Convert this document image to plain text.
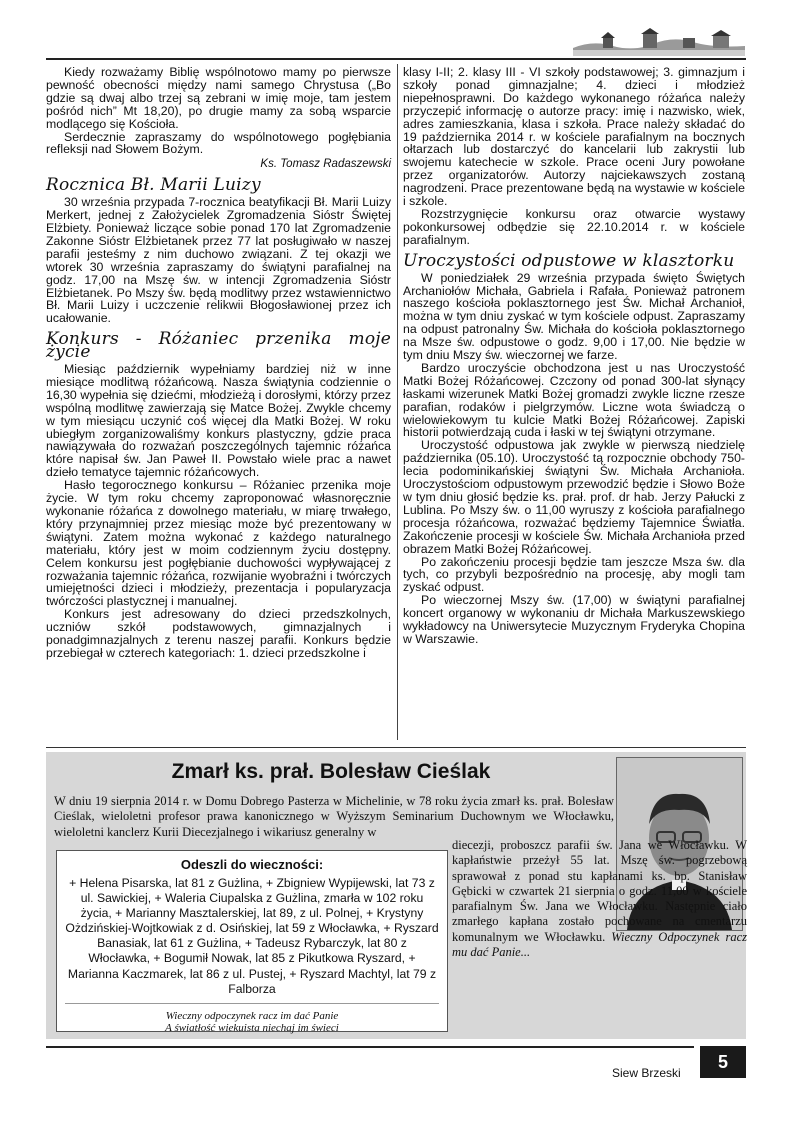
Kiedy rozważamy Biblię wspólnotowo mamy po pierwsze pewność obecności między nami samego Chrystusa („Bo gdzie są dwaj albo trzej są zebrani w imię moje, tam jestem pośród nich” Mt 18,20), po drugie mamy za sobą wsparcie modlącego się Kościoła.

Serdecznie zapraszamy do wspólnotowego pogłębiania refleksji nad Słowem Bożym.

Ks. Tomasz Radaszewski
Rocznica Bł. Marii Luizy

30 września przypada 7-rocznica beatyfikacji Bł. Marii Luizy Merkert, jednej z Założycielek Zgromadzenia Sióstr Świętej Elżbiety. Ponieważ liczące sobie ponad 170 lat Zgromadzenie Zakonne Sióstr Elżbietanek przez 77 lat posługiwało w naszej parafii jesteśmy z nim duchowo związani. Z tej okazji we wtorek 30 września zapraszamy do świątyni parafialnej na godz. 17,00 na Mszę św. w intencji Zgromadzenia Sióstr Elżbietanek. Po Mszy św. będą modlitwy przez wstawiennictwo Bł. Marii Luizy i uczczenie relikwii Błogosławionej przez ich ucałowanie.

Konkurs - Różaniec przenika moje życie

Miesiąc październik wypełniamy bardziej niż w inne miesiące modlitwą różańcową. Nasza świątynia codziennie o 16,30 wypełnia się dziećmi, młodzieżą i dorosłymi, którzy przez wspólną modlitwę zawierzają się Matce Bożej. Zwykle chcemy w tym miesiącu uczynić coś więcej dla Matki Bożej. W roku ubiegłym zorganizowaliśmy konkurs plastyczny, gdzie praca nawiązywała do rozważań poszczególnych tajemnic różańca które napisał św. Jan Paweł II. Powstało wiele prac a nawet dzieło tematyce tajemnic różańcowych.

Hasło tegorocznego konkursu – Różaniec przenika moje życie. W tym roku chcemy zaproponować własnoręcznie wykonanie różańca z dowolnego materiału, w miarę trwałego, który przynajmniej przez miesiąc może być prezentowany w świątyni. Zatem można wykonać z każdego naturalnego materiału, który jest w moim codziennym życiu dostępny. Celem konkursu jest pogłębianie duchowości wypływającej z rozważania tajemnic różańca, rozwijanie wyobraźni i twórczych umiejętności dzieci i młodzieży, prezentacja i popularyzacja twórczości plastycznej i manualnej.

Konkurs jest adresowany do dzieci przedszkolnych, uczniów szkół podstawowych, gimnazjalnych i ponadgimnazjalnych z terenu naszej parafii. Konkurs będzie przebiegał w czterech kategoriach: 1. dzieci przedszkolne i

klasy I-II; 2. klasy III - VI szkoły podstawowej; 3. gimnazjum i szkoły ponad gimnazjalne; 4. dzieci i młodzież niepełnosprawni. Do każdego wykonanego różańca należy przyczepić informację o autorze pracy: imię i nazwisko, wiek, adres zamieszkania, klasa i szkoła. Prace należy składać do 19 października 2014 r. w kościele parafialnym na bocznych ołtarzach lub dostarczyć do kancelarii lub zakrystii lub swojemu katechecie w szkole. Prace oceni Jury powołane przez organizatorów. Autorzy najciekawszych zostaną nagrodzeni. Prace prezentowane będą na wystawie w kościele i szkole.

Rozstrzygnięcie konkursu oraz otwarcie wystawy pokonkursowej odbędzie się 22.10.2014 r. w kościele parafialnym.

Uroczystości odpustowe w klasztorku

W poniedziałek 29 września przypada święto Świętych Archaniołów Michała, Gabriela i Rafała. Ponieważ patronem naszego kościoła poklasztornego jest Św. Michał Archanioł, można w tym dniu zyskać w tym kościele odpust. Zapraszamy na odpust patronalny Św. Michała do kościoła poklasztornego na Msze św. odpustowe o godz. 9,00 i 17,00. Nie będzie w tym dniu Mszy św. wieczornej we farze.

Bardzo uroczyście obchodzona jest u nas Uroczystość Matki Bożej Różańcowej. Czczony od ponad 300-lat słynący łaskami wizerunek Matki Bożej gromadzi zwykle liczne rzesze parafian, rodaków i pielgrzymów. Liczne wota świadczą o wielowiekowym tu kulcie Matki Bożej Różańcowej. Zapiski historii potwierdzają cuda i łaski w tej świątyni otrzymane.

Uroczystość odpustowa jak zwykle w pierwszą niedzielę października (05.10). Uroczystość tą rozpocznie obchody 750-lecia podominikańskiej świątyni Św. Michała Archanioła. Uroczystościom odpustowym przewodzić będzie i Słowo Boże w tym dniu głosić będzie ks. prał. prof. dr hab. Jerzy Pałucki z Lublina. Po Mszy św. o 11,00 wyruszy z kościoła parafialnego procesja różańcowa, rozważać będziemy Tajemnice Światła. Zakończenie procesji w kościele Św. Michała Archanioła przed obrazem Matki Bożej Różańcowej.

Po zakończeniu procesji będzie tam jeszcze Msza św. dla tych, co przybyli bezpośrednio na procesję, aby mogli tam zyskać odpust.

Po wieczornej Mszy św. (17,00) w świątyni parafialnej koncert organowy w wykonaniu dr Michała Markuszewskiego wykładowcy na Uniwersytecie Muzycznym Fryderyka Chopina w Warszawie.

Zmarł ks. prał. Bolesław Cieślak
W dniu 19 sierpnia 2014 r. w Domu Dobrego Pasterza w Michelinie, w 78 roku życia zmarł ks. prał. Bolesław Cieślak, wieloletni profesor prawa kanonicznego w Wyższym Seminarium Duchownym we Włocławku, wieloletni kanclerz Kurii Diecezjalnego i wikariusz generalny w
diecezji, proboszcz parafii św. Jana we Włocławku. W kapłaństwie przeżył 55 lat. Mszę św. pogrzebową sprawował z ponad stu kapłanami ks. bp. Stanisław Gębicki w czwartek 21 sierpnia o godz. 11,00 w kościele parafialnym Św. Jana we Włocławku. Następnie ciało zmarłego kapłana zostało pochowane na cmentarzu komunalnym we Włocławku. Wieczny Odpoczynek racz mu dać Panie...
Odeszli do wieczności:
+ Helena Pisarska, lat 81 z Gużlina, + Zbigniew Wypijewski, lat 73 z ul. Sawickiej, + Waleria Ciupalska z Gużlina, zmarła w 102 roku życia, + Marianny Masztalerskiej, lat 89, z ul. Polnej, + Krystyny Ożdzińskiej-Wojtkowiak z d. Osińskiej, lat 59 z Włocławka, + Ryszard Banasiak, lat 61 z Gużlina, + Tadeusz Rybarczyk, lat 80 z Włocławka, + Bogumił Nowak, lat 85 z Pikutkowa Ryszard, + Marianna Kaczmarek, lat 86 z ul. Pustej, + Ryszard Machtyl, lat 79 z Falborza
Wieczny odpoczynek racz im dać Panie
A światłość wiekuista niechaj im świeci
Siew Brzeski
5
